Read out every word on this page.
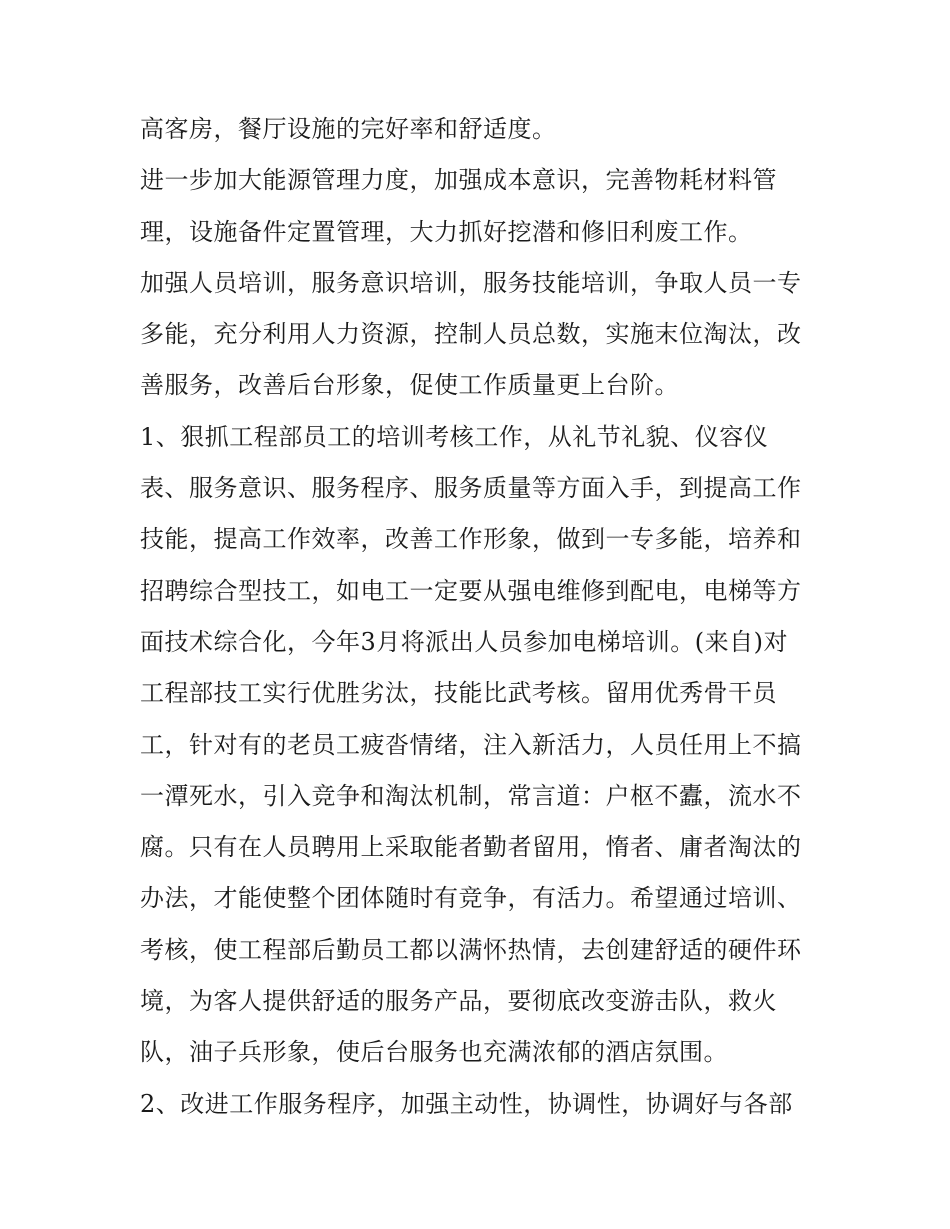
高客房，餐厅设施的完好率和舒适度。
进一步加大能源管理力度，加强成本意识，完善物耗材料管
理，设施备件定置管理，大力抓好挖潜和修旧利废工作。
加强人员培训，服务意识培训，服务技能培训，争取人员一专
多能，充分利用人力资源，控制人员总数，实施末位淘汰，改
善服务，改善后台形象，促使工作质量更上台阶。
1、狠抓工程部员工的培训考核工作，从礼节礼貌、仪容仪
表、服务意识、服务程序、服务质量等方面入手，到提高工作
技能，提高工作效率，改善工作形象，做到一专多能，培养和
招聘综合型技工，如电工一定要从强电维修到配电，电梯等方
面技术综合化，今年3月将派出人员参加电梯培训。(来自)对
工程部技工实行优胜劣汰，技能比武考核。留用优秀骨干员
工，针对有的老员工疲沓情绪，注入新活力，人员任用上不搞
一潭死水，引入竞争和淘汰机制，常言道：户枢不蠹，流水不
腐。只有在人员聘用上采取能者勤者留用，惰者、庸者淘汰的
办法，才能使整个团体随时有竞争，有活力。希望通过培训、
考核，使工程部后勤员工都以满怀热情，去创建舒适的硬件环
境，为客人提供舒适的服务产品，要彻底改变游击队，救火
队，油子兵形象，使后台服务也充满浓郁的酒店氛围。
2、改进工作服务程序，加强主动性，协调性，协调好与各部
